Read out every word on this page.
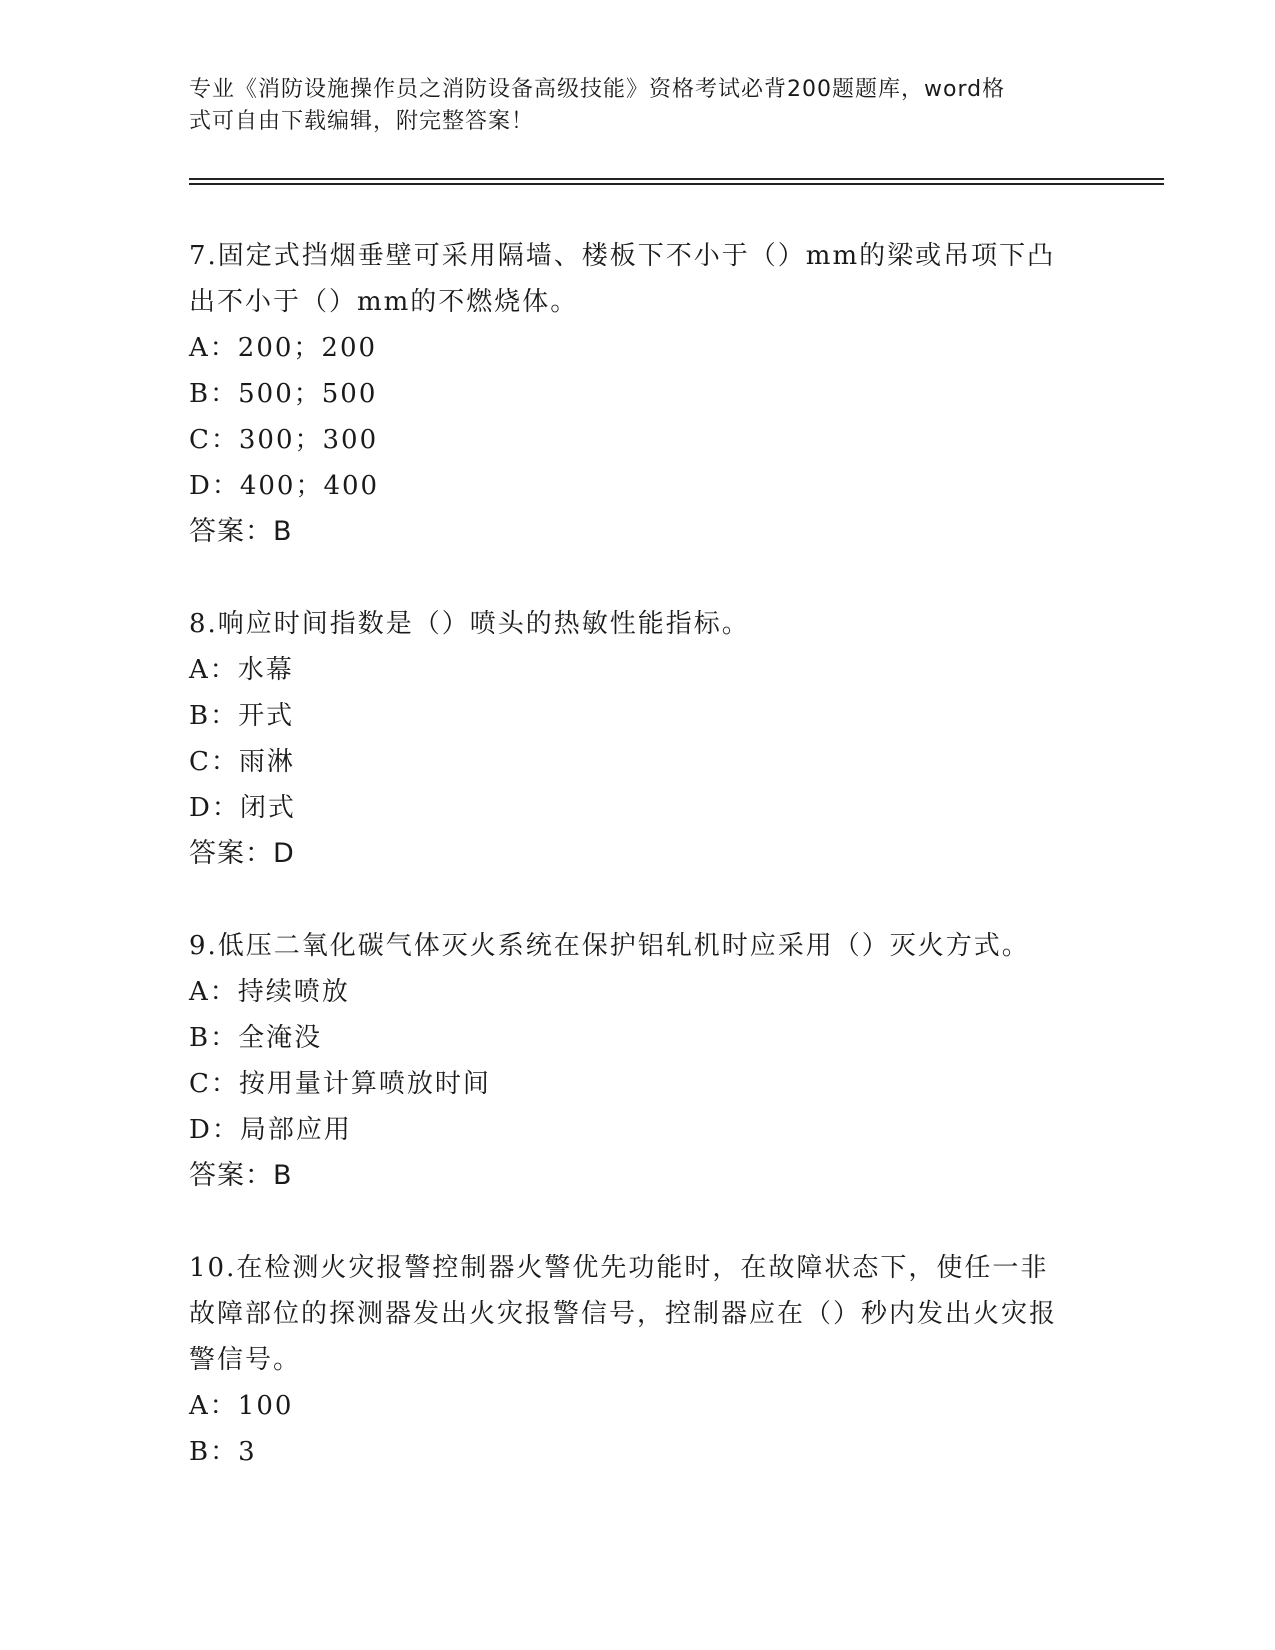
专业《消防设施操作员之消防设备高级技能》资格考试必背200题题库，word格
式可自由下载编辑，附完整答案！
7.固定式挡烟垂壁可采用隔墙、楼板下不小于（）mm的梁或吊项下凸出不小于（）mm的不燃烧体。
A：200；200
B：500；500
C：300；300
D：400；400
答案：B
8.响应时间指数是（）喷头的热敏性能指标。
A：水幕
B：开式
C：雨淋
D：闭式
答案：D
9.低压二氧化碳气体灭火系统在保护铝轧机时应采用（）灭火方式。
A：持续喷放
B：全淹没
C：按用量计算喷放时间
D：局部应用
答案：B
10.在检测火灾报警控制器火警优先功能时，在故障状态下，使任一非故障部位的探测器发出火灾报警信号，控制器应在（）秒内发出火灾报警信号。
A：100
B：3
